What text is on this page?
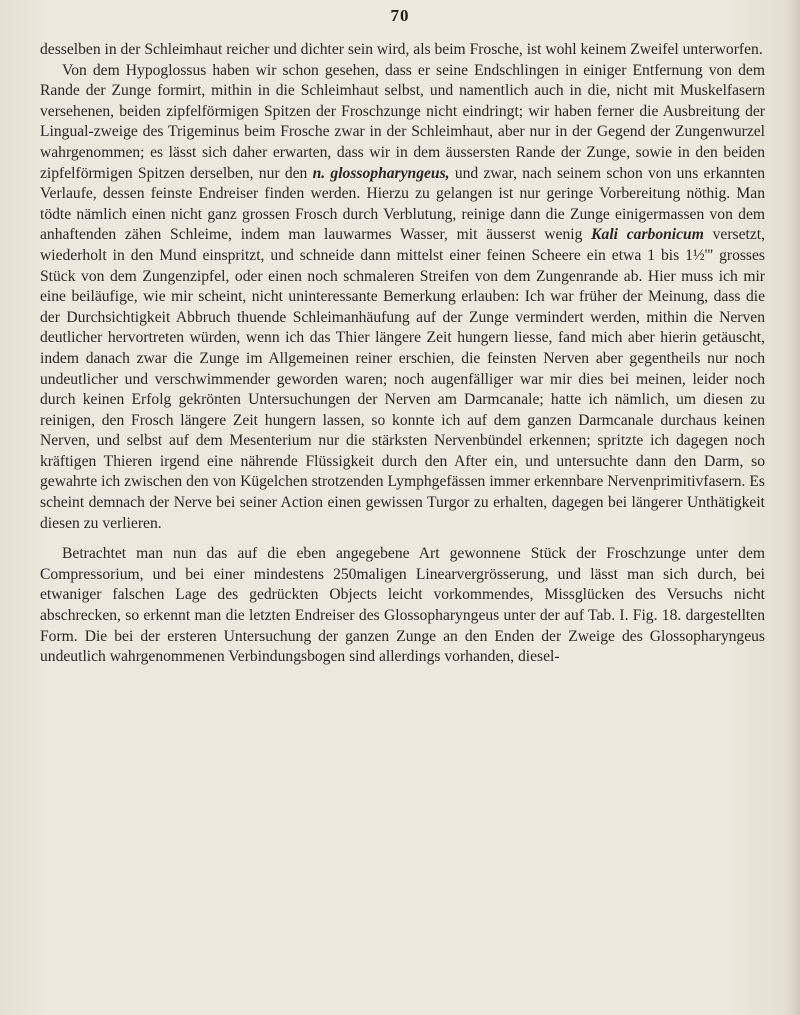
70

desselben in der Schleimhaut reicher und dichter sein wird, als beim Frosche, ist wohl keinem Zweifel unterworfen.

Von dem Hypoglossus haben wir schon gesehen, dass er seine Endschlingen in einiger Entfernung von dem Rande der Zunge formirt, mithin in die Schleimhaut selbst, und namentlich auch in die, nicht mit Muskelfasern versehenen, beiden zipfelförmigen Spitzen der Froschzunge nicht eindringt; wir haben ferner die Ausbreitung der Lingual-zweige des Trigeminus beim Frosche zwar in der Schleimhaut, aber nur in der Gegend der Zungenwurzel wahrgenommen; es lässt sich daher erwarten, dass wir in dem äussersten Rande der Zunge, sowie in den beiden zipfelförmigen Spitzen derselben, nur den n. glossopharyngeus, und zwar, nach seinem schon von uns erkannten Verlaufe, dessen feinste Endreiser finden werden. Hierzu zu gelangen ist nur geringe Vorbereitung nöthig. Man tödte nämlich einen nicht ganz grossen Frosch durch Verblutung, reinige dann die Zunge einigermassen von dem anhaftenden zähen Schleime, indem man lauwarmes Wasser, mit äusserst wenig Kali carbonicum versetzt, wiederholt in den Mund einspritzt, und schneide dann mittelst einer feinen Scheere ein etwa 1 bis 1½''' grosses Stück von dem Zungenzipfel, oder einen noch schmaleren Streifen von dem Zungenrande ab. Hier muss ich mir eine beiläufige, wie mir scheint, nicht uninteressante Bemerkung erlauben: Ich war früher der Meinung, dass die der Durchsichtigkeit Abbruch thuende Schleimanhäufung auf der Zunge vermindert werden, mithin die Nerven deutlicher hervortreten würden, wenn ich das Thier längere Zeit hungern liesse, fand mich aber hierin getäuscht, indem danach zwar die Zunge im Allgemeinen reiner erschien, die feinsten Nerven aber gegentheils nur noch undeutlicher und verschwimmender geworden waren; noch augenfälliger war mir dies bei meinen, leider noch durch keinen Erfolg gekrönten Untersuchungen der Nerven am Darmcanale; hatte ich nämlich, um diesen zu reinigen, den Frosch längere Zeit hungern lassen, so konnte ich auf dem ganzen Darmcanale durchaus keinen Nerven, und selbst auf dem Mesenterium nur die stärksten Nervenbündel erkennen; spritzte ich dagegen noch kräftigen Thieren irgend eine nährende Flüssigkeit durch den After ein, und untersuchte dann den Darm, so gewahrte ich zwischen den von Kügelchen strotzenden Lymphgefässen immer erkennbare Nervenprimitivfasern. Es scheint demnach der Nerve bei seiner Action einen gewissen Turgor zu erhalten, dagegen bei längerer Unthätigkeit diesen zu verlieren.

Betrachtet man nun das auf die eben angegebene Art gewonnene Stück der Froschzunge unter dem Compressorium, und bei einer mindestens 250maligen Linearvergrösserung, und lässt man sich durch, bei etwaniger falschen Lage des gedrückten Objects leicht vorkommendes, Missglücken des Versuchs nicht abschrecken, so erkennt man die letzten Endreiser des Glossopharyngeus unter der auf Tab. I. Fig. 18. dargestellten Form. Die bei der ersteren Untersuchung der ganzen Zunge an den Enden der Zweige des Glossopharyngeus undeutlich wahrgenommenen Verbindungsbogen sind allerdings vorhanden, diesel-
